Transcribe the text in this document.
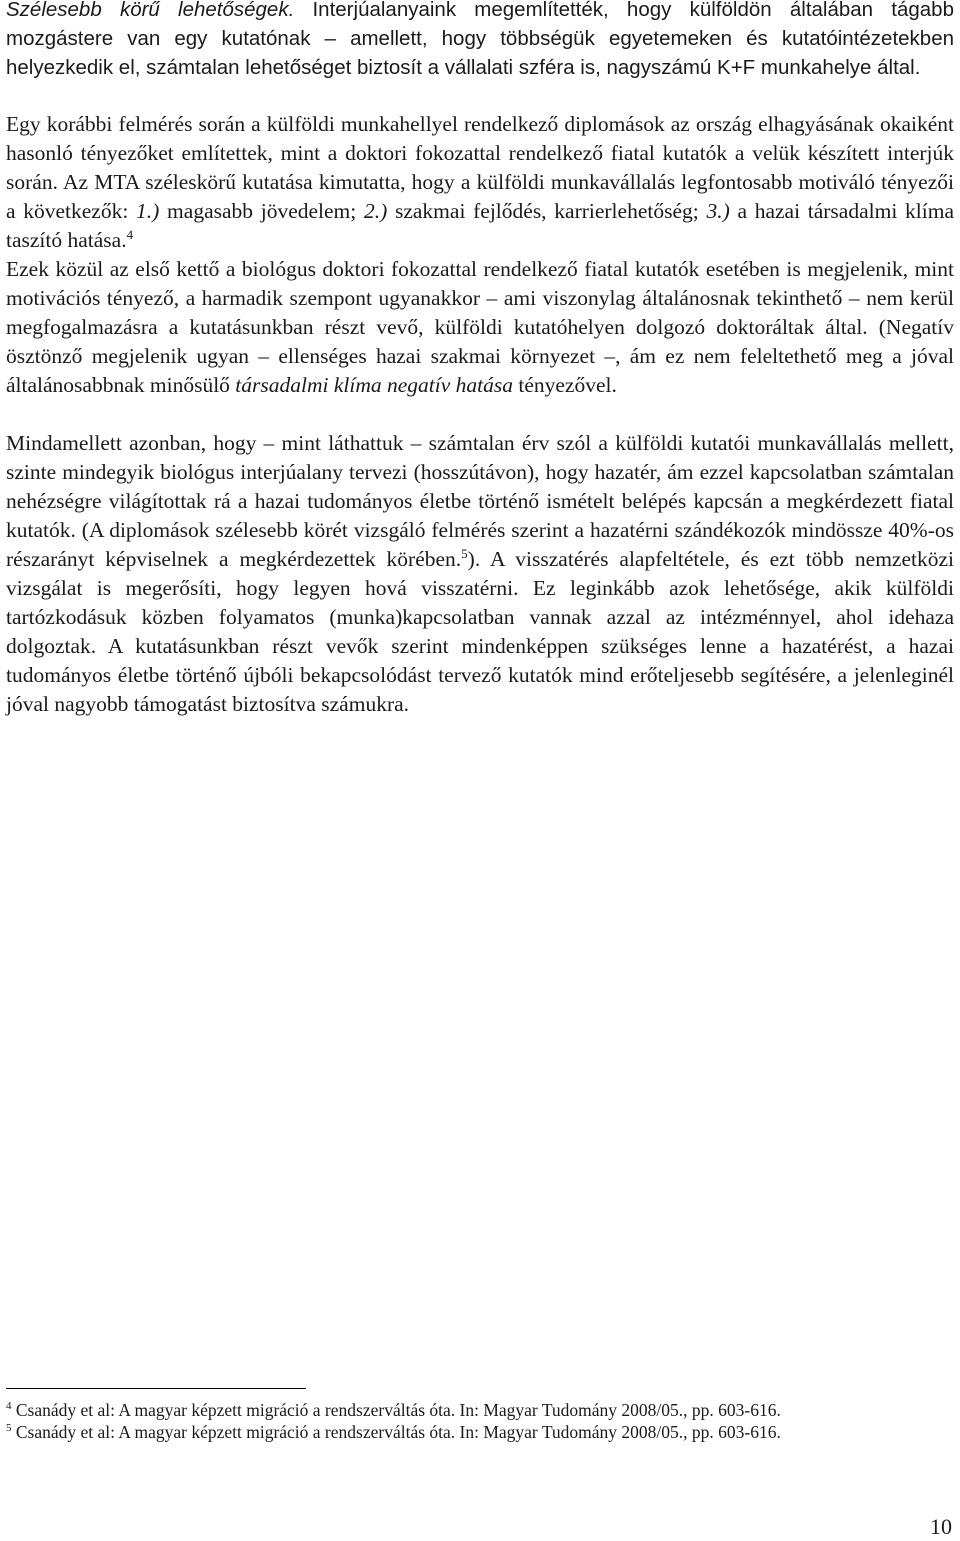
Szélesebb körű lehetőségek. Interjúalanyaink megemlítették, hogy külföldön általában tágabb mozgástere van egy kutatónak – amellett, hogy többségük egyetemeken és kutatóintézetekben helyezkedik el, számtalan lehetőséget biztosít a vállalati szféra is, nagyszámú K+F munkahelye által.

Egy korábbi felmérés során a külföldi munkahellyel rendelkező diplomások az ország elhagyásának okaiként hasonló tényezőket említettek, mint a doktori fokozattal rendelkező fiatal kutatók a velük készített interjúk során. Az MTA széleskörű kutatása kimutatta, hogy a külföldi munkavállalás legfontosabb motiváló tényezői a következők: 1.) magasabb jövedelem; 2.) szakmai fejlődés, karrierlehetőség; 3.) a hazai társadalmi klíma taszító hatása.$^4$
Ezek közül az első kettő a biológus doktori fokozattal rendelkező fiatal kutatók esetében is megjelenik, mint motivációs tényező, a harmadik szempont ugyanakkor – ami viszonylag általánosnak tekinthető – nem kerül megfogalmazásra a kutatásunkban részt vevő, külföldi kutatóhelyen dolgozó doktoráltak által. (Negatív ösztönző megjelenik ugyan – ellenséges hazai szakmai környezet –, ám ez nem feleltethető meg a jóval általánosabbnak minősülő társadalmi klíma negatív hatása tényezővel.

Mindamellett azonban, hogy – mint láthattuk – számtalan érv szól a külföldi kutatói munkavállalás mellett, szinte mindegyik biológus interjúalany tervezi (hosszútávon), hogy hazatér, ám ezzel kapcsolatban számtalan nehézségre világítottak rá a hazai tudományos életbe történő ismételt belépés kapcsán a megkérdezett fiatal kutatók. (A diplomások szélesebb körét vizsgáló felmérés szerint a hazatérni szándékozók mindössze 40%-os részarányt képviselnek a megkérdezettek körében.$^5$). A visszatérés alapfeltétele, és ezt több nemzetközi vizsgálat is megerősíti, hogy legyen hová visszatérni. Ez leginkább azok lehetősége, akik külföldi tartózkodásuk közben folyamatos (munka)kapcsolatban vannak azzal az intézménnyel, ahol idehaza dolgoztak. A kutatásunkban részt vevők szerint mindenképpen szükséges lenne a hazatérést, a hazai tudományos életbe történő újbóli bekapcsolódást tervező kutatók mind erőteljesebb segítésére, a jelenleginél jóval nagyobb támogatást biztosítva számukra.

$^4$ Csanády et al: A magyar képzett migráció a rendszerváltás óta. In: Magyar Tudomány 2008/05., pp. 603-616.
$^5$ Csanády et al: A magyar képzett migráció a rendszerváltás óta. In: Magyar Tudomány 2008/05., pp. 603-616.
10
